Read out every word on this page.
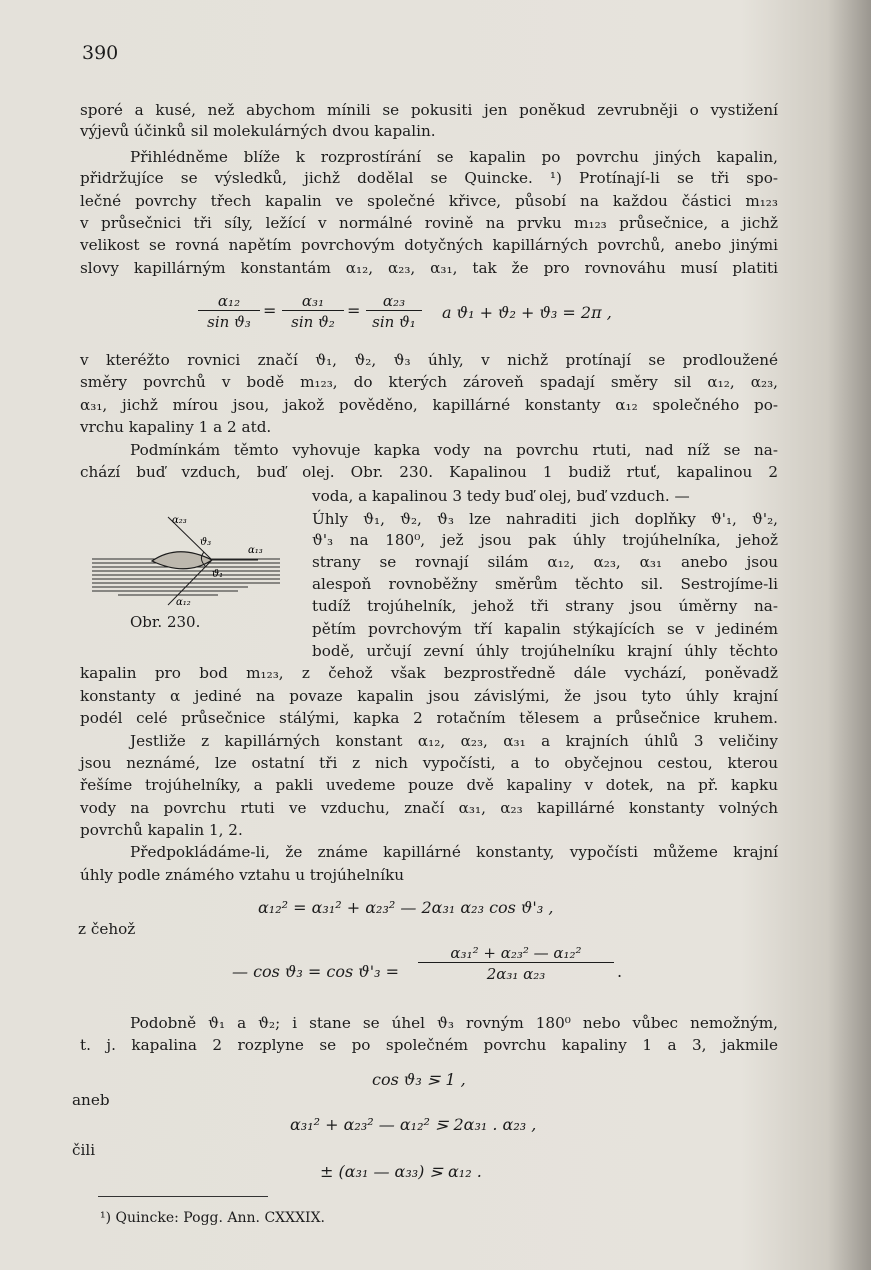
390
sporé a kusé, než abychom mínili se pokusiti jen poněkud zevrubněji o vystižení
výjevů účinků sil molekulárných dvou kapalin.
Přihlédněme blíže k rozprostírání se kapalin po povrchu jiných kapalin,
přidržujíce se výsledků, jichž dodělal se Quincke. ¹) Protínají-li se tři spo-
lečné povrchy třech kapalin ve společné křivce, působí na každou částici m₁₂₃
v průsečnici tři síly, ležící v normálné rovině na prvku m₁₂₃ průsečnice, a jichž
velikost se rovná napětím povrchovým dotyčných kapillárných povrchů, anebo jinými
slovy kapillárným konstantám α₁₂, α₂₃, α₃₁, tak že pro rovnováhu musí platiti
$\frac{\text{α₁₂}}{\text{sin ϑ₃}} = \frac{\text{α₃₁}}{\text{sin ϑ₂}} = \frac{\text{α₂₃}}{\text{sin ϑ₁}}$ a ϑ₁ + ϑ₂ + ϑ₃ = 2π ,
v kteréžto rovnici značí ϑ₁, ϑ₂, ϑ₃ úhly, v nichž protínají se prodloužené
směry povrchů v bodě m₁₂₃, do kterých zároveň spadají směry sil α₁₂, α₂₃,
α₃₁, jichž mírou jsou, jakož pověděno, kapillárné konstanty α₁₂ společného po-
vrchu kapaliny 1 a 2 atd.
Podmínkám těmto vyhovuje kapka vody na povrchu rtuti, nad níž se na-
chází buď vzduch, buď olej. Obr. 230. Kapalinou 1 budiž rtuť, kapalinou 2
voda, a kapalinou 3 tedy buď olej, buď vzduch. —
Úhly ϑ₁, ϑ₂, ϑ₃ lze nahraditi jich doplňky ϑ'₁, ϑ'₂,
ϑ'₃ na 180⁰, jež jsou pak úhly trojúhelníka, jehož
strany se rovnají silám α₁₂, α₂₃, α₃₁ anebo jsou
alespoň rovnoběžny směrům těchto sil. Sestrojíme-li
tudíž trojúhelník, jehož tři strany jsou úměrny na-
pětím povrchovým tří kapalin stýkajících se v jediném
bodě, určují zevní úhly trojúhelníku krajní úhly těchto
α₂₃
ϑ₃
α₁₃
ϑ₁
α₁₂
Obr. 230.
kapalin pro bod m₁₂₃, z čehož však bezprostředně dále vychází, poněvadž
konstanty α jediné na povaze kapalin jsou závislými, že jsou tyto úhly krajní
podél celé průsečnice stálými, kapka 2 rotačním tělesem a průsečnice kruhem.
Jestliže z kapillárných konstant α₁₂, α₂₃, α₃₁ a krajních úhlů 3 veličiny
jsou neznámé, lze ostatní tři z nich vypočísti, a to obyčejnou cestou, kterou
řešíme trojúhelníky, a pakli uvedeme pouze dvě kapaliny v dotek, na př. kapku
vody na povrchu rtuti ve vzduchu, značí α₃₁, α₂₃ kapillárné konstanty volných
povrchů kapalin 1, 2.
Předpokládáme-li, že známe kapillárné konstanty, vypočísti můžeme krajní
úhly podle známého vztahu u trojúhelníku
α₁₂² = α₃₁² + α₂₃² — 2α₃₁ α₂₃ cos ϑ'₃ ,
z čehož
— $\cos ϑ_3 = \cos ϑ'_3 = \frac{\text{α₃₁² + α₂₃² — α₁₂²}}{\text{2α₃₁ α₂₃}}$ .
Podobně ϑ₁ a ϑ₂; i stane se úhel ϑ₃ rovným 180⁰ nebo vůbec nemožným,
t. j. kapalina 2 rozplyne se po společném povrchu kapaliny 1 a 3, jakmile
cos ϑ₃ ⋝ 1 ,
aneb
α₃₁² + α₂₃² — α₁₂² ⋝ 2α₃₁ . α₂₃ ,
čili
± (α₃₁ — α₃₃) ⋝ α₁₂ .
¹) Quincke: Pogg. Ann. CXXXIX.
